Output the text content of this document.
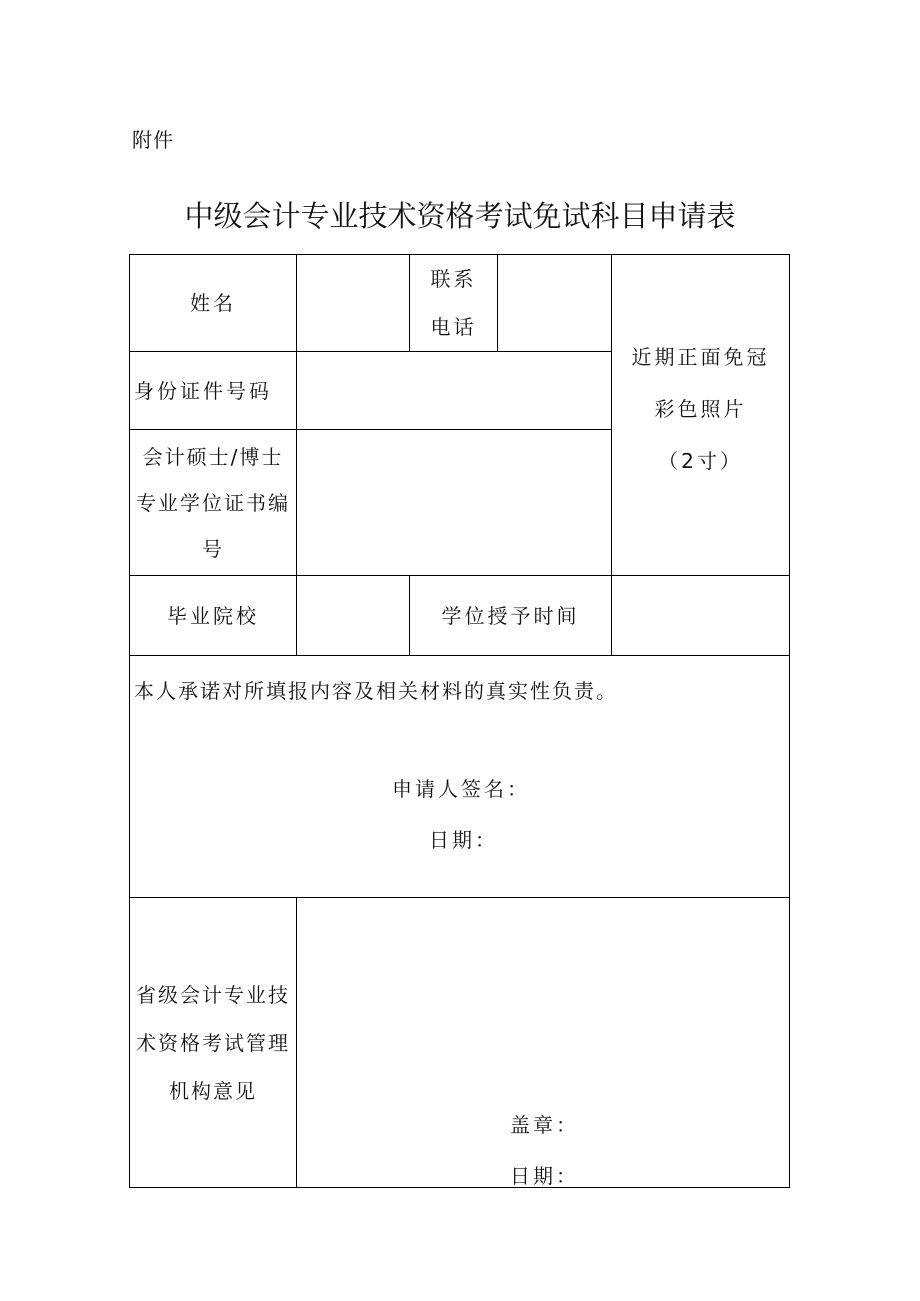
附件
中级会计专业技术资格考试免试科目申请表
姓名
联系
电话
近期正面免冠
彩色照片
（2寸）
身份证件号码
会计硕士/博士
专业学位证书编
号
毕业院校	学位授予时间
本人承诺对所填报内容及相关材料的真实性负责。
申请人签名：
日期：
省级会计专业技
术资格考试管理
机构意见
盖章：
日期：
